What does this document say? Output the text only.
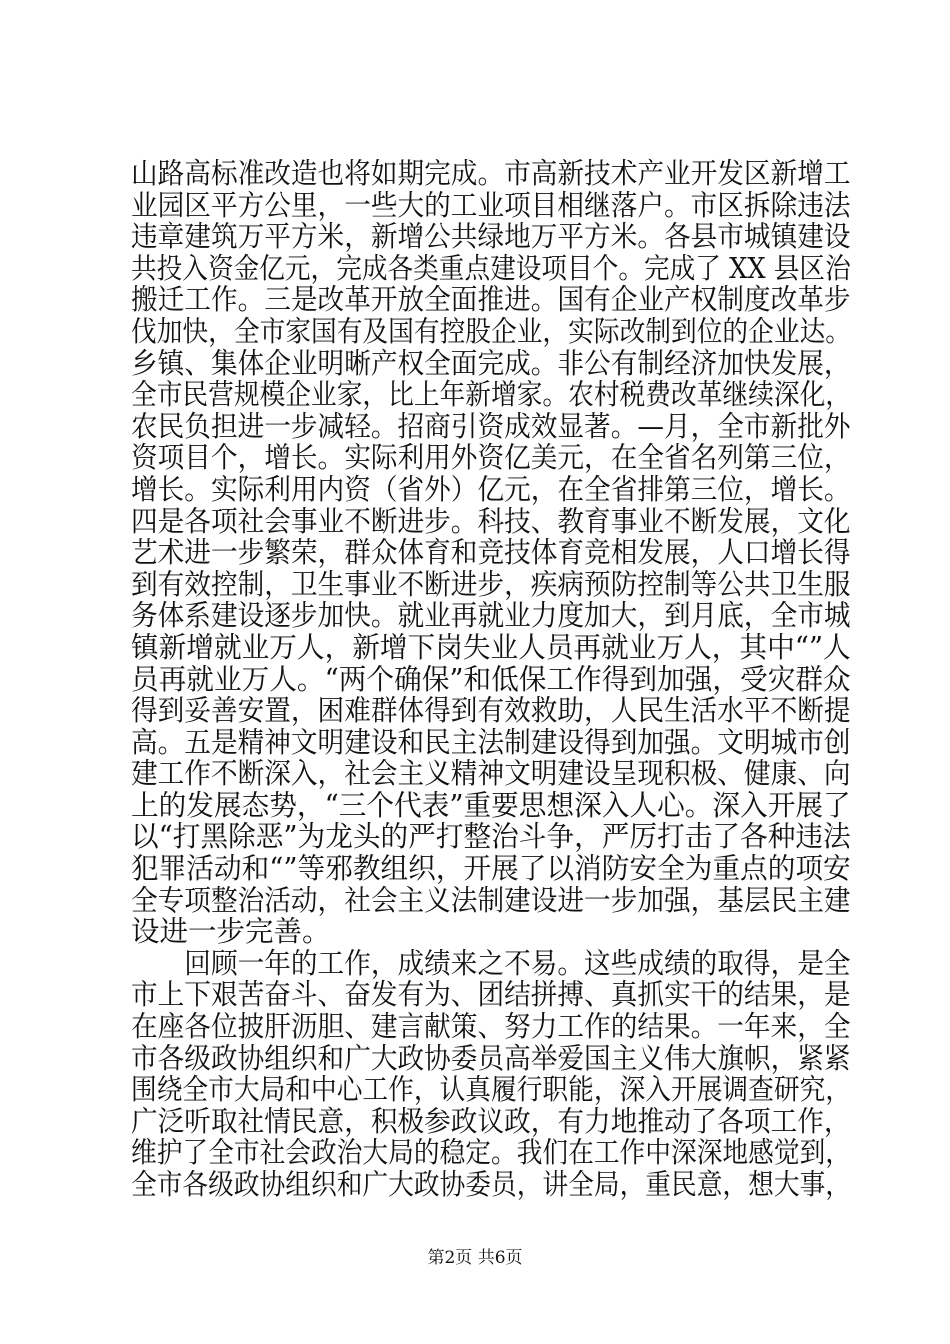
山路高标准改造也将如期完成。市高新技术产业开发区新增工
业园区平方公里，一些大的工业项目相继落户。市区拆除违法
违章建筑万平方米，新增公共绿地万平方米。各县市城镇建设
共投入资金亿元，完成各类重点建设项目个。完成了 XX 县区治
搬迁工作。三是改革开放全面推进。国有企业产权制度改革步
伐加快，全市家国有及国有控股企业，实际改制到位的企业达。
乡镇、集体企业明晰产权全面完成。非公有制经济加快发展，
全市民营规模企业家，比上年新增家。农村税费改革继续深化，
农民负担进一步减轻。招商引资成效显著。—月，全市新批外
资项目个，增长。实际利用外资亿美元，在全省名列第三位，
增长。实际利用内资（省外）亿元，在全省排第三位，增长。
四是各项社会事业不断进步。科技、教育事业不断发展，文化
艺术进一步繁荣，群众体育和竞技体育竞相发展，人口增长得
到有效控制，卫生事业不断进步，疾病预防控制等公共卫生服
务体系建设逐步加快。就业再就业力度加大，到月底，全市城
镇新增就业万人，新增下岗失业人员再就业万人，其中“”人
员再就业万人。“两个确保”和低保工作得到加强，受灾群众
得到妥善安置，困难群体得到有效救助，人民生活水平不断提
高。五是精神文明建设和民主法制建设得到加强。文明城市创
建工作不断深入，社会主义精神文明建设呈现积极、健康、向
上的发展态势，“三个代表”重要思想深入人心。深入开展了
以“打黑除恶”为龙头的严打整治斗争，严厉打击了各种违法
犯罪活动和“”等邪教组织，开展了以消防安全为重点的项安
全专项整治活动，社会主义法制建设进一步加强，基层民主建
设进一步完善。
　　回顾一年的工作，成绩来之不易。这些成绩的取得，是全
市上下艰苦奋斗、奋发有为、团结拼搏、真抓实干的结果，是
在座各位披肝沥胆、建言献策、努力工作的结果。一年来，全
市各级政协组织和广大政协委员高举爱国主义伟大旗帜，紧紧
围绕全市大局和中心工作，认真履行职能，深入开展调查研究，
广泛听取社情民意，积极参政议政，有力地推动了各项工作，
维护了全市社会政治大局的稳定。我们在工作中深深地感觉到，
全市各级政协组织和广大政协委员，讲全局，重民意，想大事，
第2页 共6页
